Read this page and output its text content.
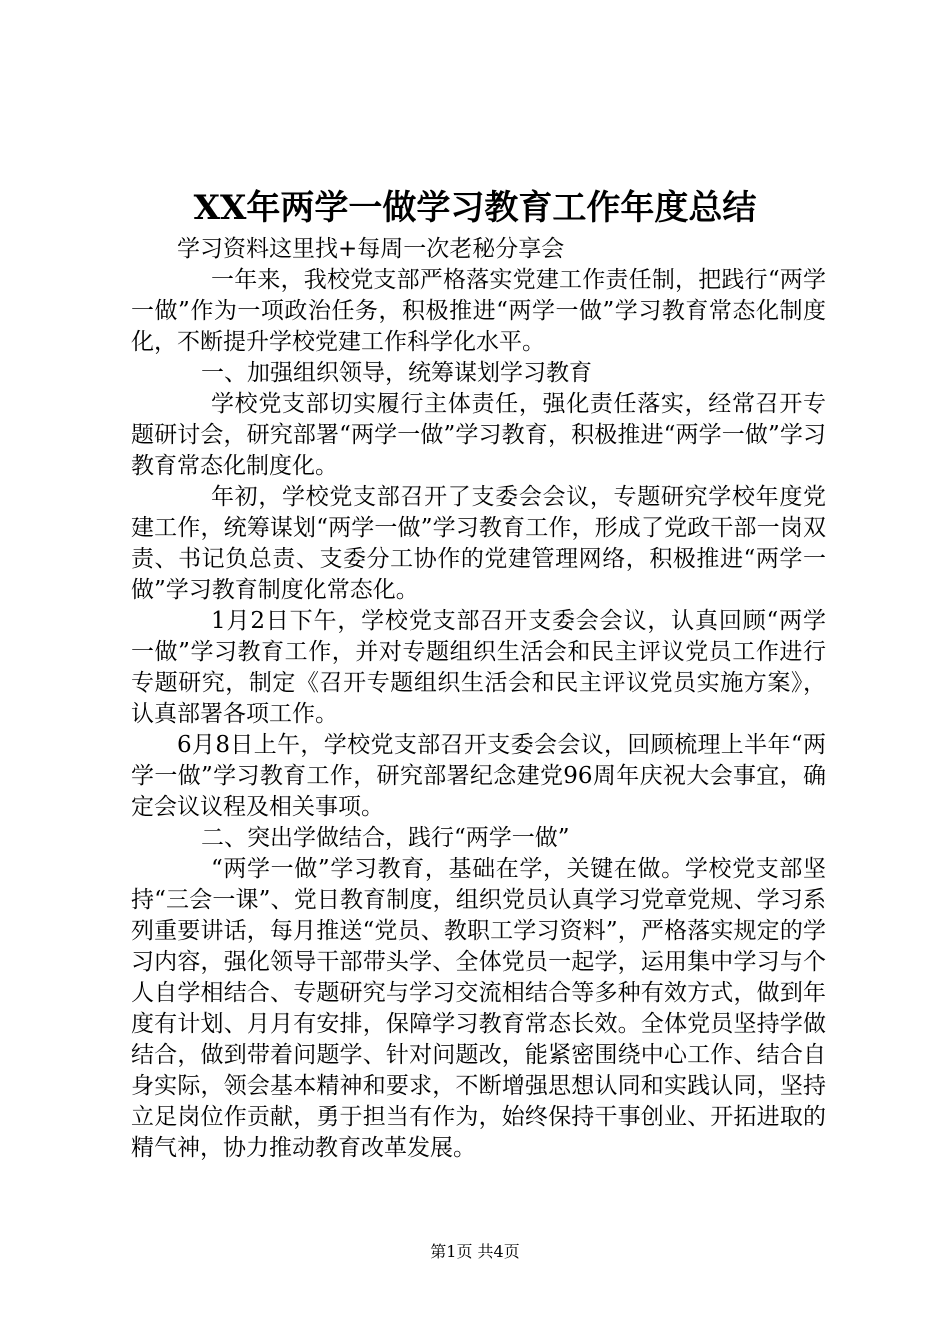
XX年两学一做学习教育工作年度总结

学习资料这里找+每周一次老秘分享会

一年来，我校党支部严格落实党建工作责任制，把践行“两学一做”作为一项政治任务，积极推进“两学一做”学习教育常态化制度化，不断提升学校党建工作科学化水平。

一、加强组织领导，统筹谋划学习教育

学校党支部切实履行主体责任，强化责任落实，经常召开专题研讨会，研究部署“两学一做”学习教育，积极推进“两学一做”学习教育常态化制度化。

年初，学校党支部召开了支委会会议，专题研究学校年度党建工作，统筹谋划“两学一做”学习教育工作，形成了党政干部一岗双责、书记负总责、支委分工协作的党建管理网络，积极推进“两学一做”学习教育制度化常态化。

1月2日下午，学校党支部召开支委会会议，认真回顾“两学一做”学习教育工作，并对专题组织生活会和民主评议党员工作进行专题研究，制定《召开专题组织生活会和民主评议党员实施方案》，认真部署各项工作。

6月8日上午，学校党支部召开支委会会议，回顾梳理上半年“两学一做”学习教育工作，研究部署纪念建党96周年庆祝大会事宜，确定会议议程及相关事项。

二、突出学做结合，践行“两学一做”

“两学一做”学习教育，基础在学，关键在做。学校党支部坚持“三会一课”、党日教育制度，组织党员认真学习党章党规、学习系列重要讲话，每月推送“党员、教职工学习资料”，严格落实规定的学习内容，强化领导干部带头学、全体党员一起学，运用集中学习与个人自学相结合、专题研究与学习交流相结合等多种有效方式，做到年度有计划、月月有安排，保障学习教育常态长效。全体党员坚持学做结合，做到带着问题学、针对问题改，能紧密围绕中心工作、结合自身实际，领会基本精神和要求，不断增强思想认同和实践认同，坚持立足岗位作贡献，勇于担当有作为，始终保持干事创业、开拓进取的精气神，协力推动教育改革发展。

第1页 共4页
